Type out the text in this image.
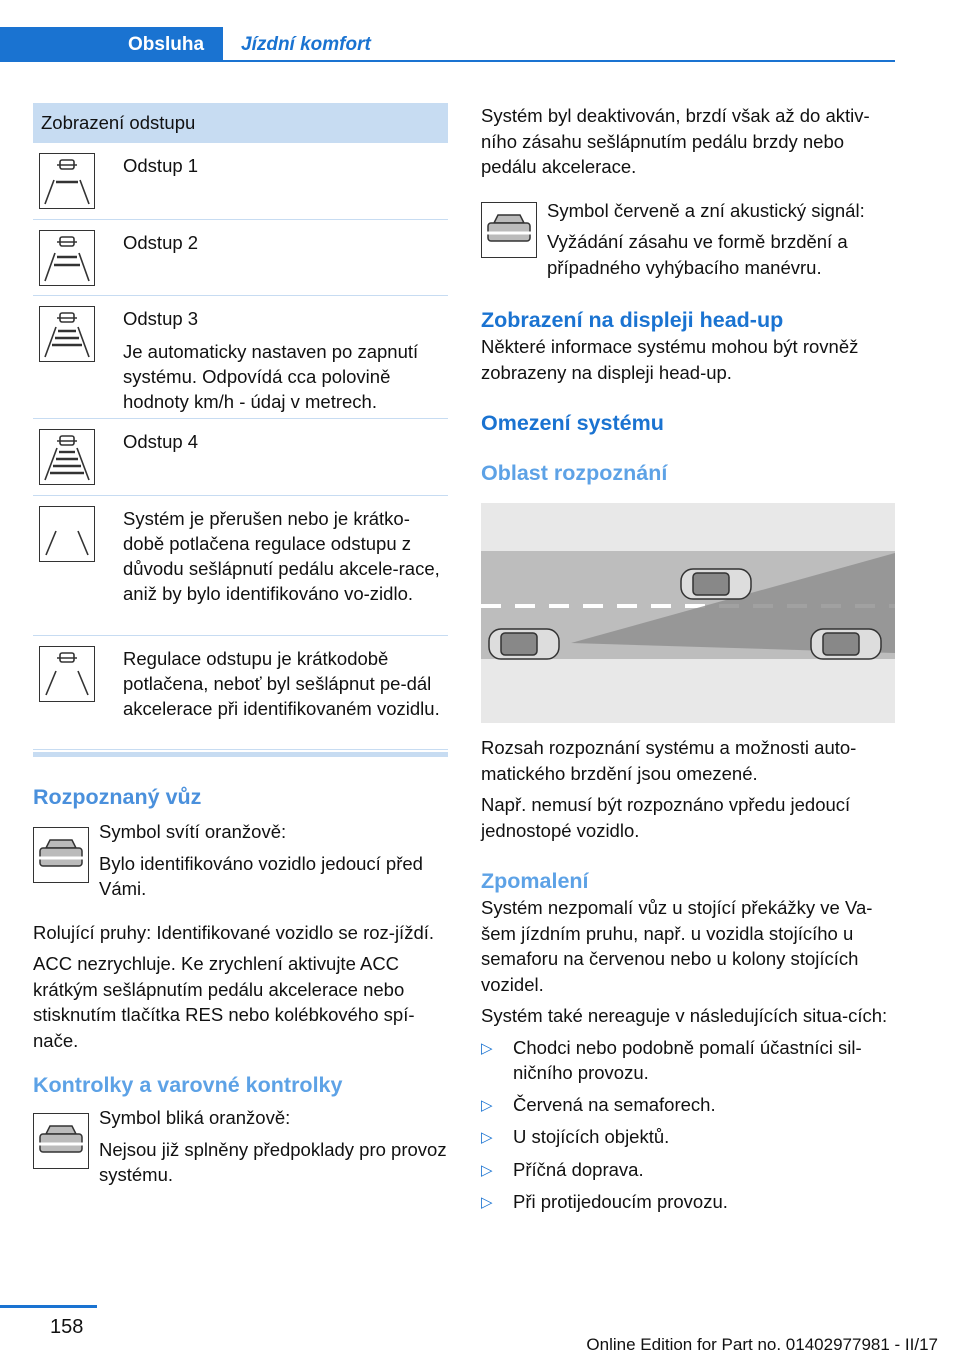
Obsluha	Jízdní komfort
Zobrazení odstupu

Odstup 1

Odstup 2

Odstup 3

Je automaticky nastaven po zapnutí systému. Odpovídá cca polovině hodnoty km/h - údaj v metrech.

Odstup 4

Systém je přerušen nebo je krátko-době potlačena regulace odstupu z důvodu sešlápnutí pedálu akcele-race, aniž by bylo identifikováno vo-zidlo.

Regulace odstupu je krátkodobě potlačena, neboť byl sešlápnut pe-dál akcelerace při identifikovaném vozidlu.

Rozpoznaný vůz

Symbol svítí oranžově:

Bylo identifikováno vozidlo jedoucí před Vámi.

Rolující pruhy: Identifikované vozidlo se roz-jíždí.

ACC nezrychluje. Ke zrychlení aktivujte ACC krátkým sešlápnutím pedálu akcelerace nebo stisknutím tlačítka RES nebo kolébkového spí-nače.

Kontrolky a varovné kontrolky

Symbol bliká oranžově:

Nejsou již splněny předpoklady pro provoz systému.

Systém byl deaktivován, brzdí však až do aktiv-ního zásahu sešlápnutím pedálu brzdy nebo pedálu akcelerace.

Symbol červeně a zní akustický signál:

Vyžádání zásahu ve formě brzdění a případného vyhýbacího manévru.

Zobrazení na displeji head-up

Některé informace systému mohou být rovněž zobrazeny na displeji head-up.

Omezení systému
Oblast rozpoznání

Rozsah rozpoznání systému a možnosti auto-matického brzdění jsou omezené.

Např. nemusí být rozpoznáno vpředu jedoucí jednostopé vozidlo.

Zpomalení

Systém nezpomalí vůz u stojící překážky ve Va-šem jízdním pruhu, např. u vozidla stojícího u semaforu na červenou nebo u kolony stojících vozidel.

Systém také nereaguje v následujících situa-cích:

▷	Chodci nebo podobně pomalí účastníci sil-ničního provozu.
▷	Červená na semaforech.
▷	U stojících objektů.
▷	Příčná doprava.
▷	Při protijedoucím provozu.
158
Online Edition for Part no. 01402977981 - II/17
